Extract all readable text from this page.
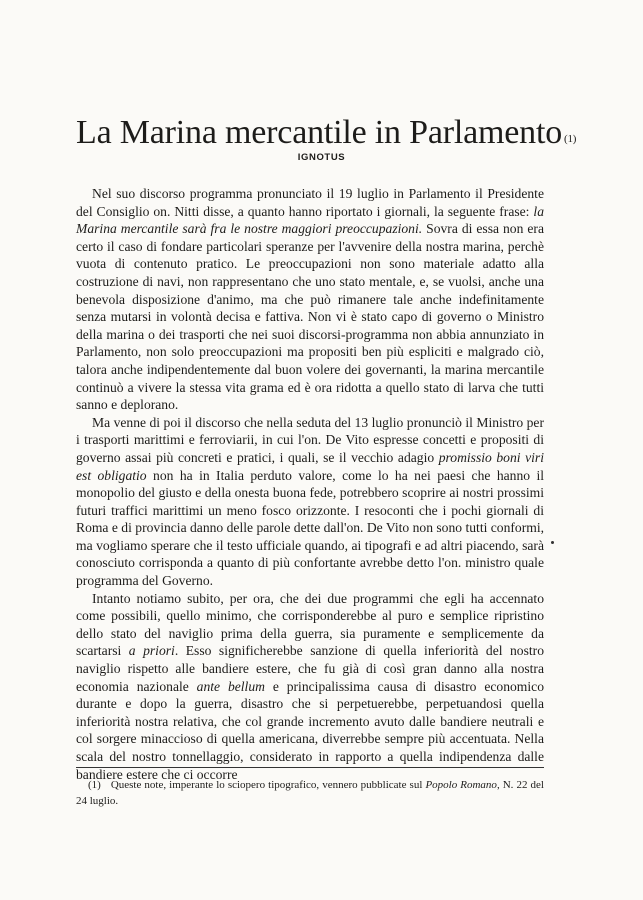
La Marina mercantile in Parlamento $^{(1)}$
IGNOTUS

Nel suo discorso programma pronunciato il 19 luglio in Parlamento il Presidente del Consiglio on. Nitti disse, a quanto hanno riportato i giornali, la seguente frase: la Marina mercantile sarà fra le nostre maggiori preoccupazioni. Sovra di essa non era certo il caso di fondare particolari speranze per l'avvenire della nostra marina, perchè vuota di contenuto pratico. Le preoccupazioni non sono materiale adatto alla costruzione di navi, non rappresentano che uno stato mentale, e, se vuolsi, anche una benevola disposizione d'animo, ma che può rimanere tale anche indefinitamente senza mutarsi in volontà decisa e fattiva. Non vi è stato capo di governo o Ministro della marina o dei trasporti che nei suoi discorsi-programma non abbia annunziato in Parlamento, non solo preoccupazioni ma propositi ben più espliciti e malgrado ciò, talora anche indipendentemente dal buon volere dei governanti, la marina mercantile continuò a vivere la stessa vita grama ed è ora ridotta a quello stato di larva che tutti sanno e deplorano.

Ma venne di poi il discorso che nella seduta del 13 luglio pronunciò il Ministro per i trasporti marittimi e ferroviarii, in cui l'on. De Vito espresse concetti e propositi di governo assai più concreti e pratici, i quali, se il vecchio adagio promissio boni viri est obligatio non ha in Italia perduto valore, come lo ha nei paesi che hanno il monopolio del giusto e della onesta buona fede, potrebbero scoprire ai nostri prossimi futuri traffici marittimi un meno fosco orizzonte. I resoconti che i pochi giornali di Roma e di provincia danno delle parole dette dall'on. De Vito non sono tutti conformi, ma vogliamo sperare che il testo ufficiale quando, ai tipografi e ad altri piacendo, sarà conosciuto corrisponda a quanto di più confortante avrebbe detto l'on. ministro quale programma del Governo.

Intanto notiamo subito, per ora, che dei due programmi che egli ha accennato come possibili, quello minimo, che corrisponderebbe al puro e semplice ripristino dello stato del naviglio prima della guerra, sia puramente e semplicemente da scartarsi a priori. Esso significherebbe sanzione di quella inferiorità del nostro naviglio rispetto alle bandiere estere, che fu già di così gran danno alla nostra economia nazionale ante bellum e principalissima causa di disastro economico durante e dopo la guerra, disastro che si perpetuerebbe, perpetuandosi quella inferiorità nostra relativa, che col grande incremento avuto dalle bandiere neutrali e col sorgere minaccioso di quella americana, diverrebbe sempre più accentuata. Nella scala del nostro tonnellaggio, considerato in rapporto a quella indipendenza dalle bandiere estere che ci occorre

(1) Queste note, imperante lo sciopero tipografico, vennero pubblicate sul Popolo Romano, N. 22 del 24 luglio.
